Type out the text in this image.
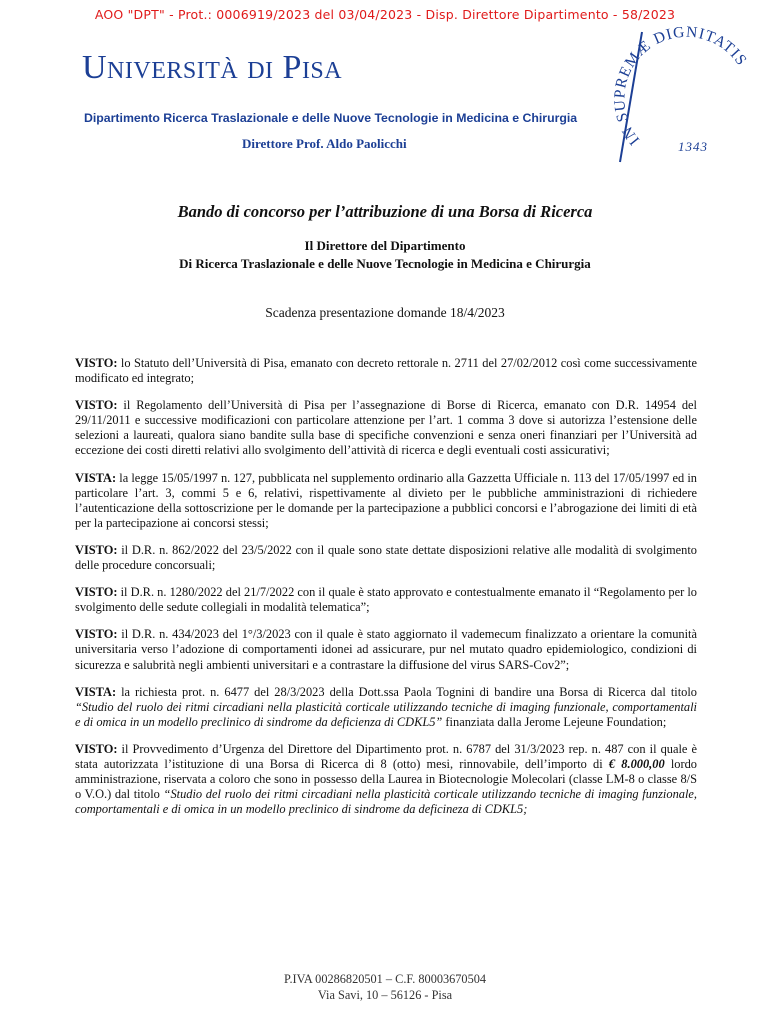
AOO "DPT" - Prot.: 0006919/2023 del 03/04/2023 - Disp. Direttore Dipartimento - 58/2023
Università di Pisa
Dipartimento Ricerca Traslazionale e delle Nuove Tecnologie in Medicina e Chirurgia
Direttore Prof. Aldo Paolicchi	IN SUPREMÆ DIGNITATIS
1343
Bando di concorso per l’attribuzione di una Borsa di Ricerca
Il Direttore del Dipartimento
Di Ricerca Traslazionale e delle Nuove Tecnologie in Medicina e Chirurgia
Scadenza presentazione domande 18/4/2023

VISTO: lo Statuto dell’Università di Pisa, emanato con decreto rettorale n. 2711 del 27/02/2012 così come successivamente modificato ed integrato;

VISTO: il Regolamento dell’Università di Pisa per l’assegnazione di Borse di Ricerca, emanato con D.R. 14954 del 29/11/2011 e successive modificazioni con particolare attenzione per l’art. 1 comma 3 dove si autorizza l’estensione delle selezioni a laureati, qualora siano bandite sulla base di specifiche convenzioni e senza oneri finanziari per l’Università ad eccezione dei costi diretti relativi allo svolgimento dell’attività di ricerca e degli eventuali costi assicurativi;

VISTA: la legge 15/05/1997 n. 127, pubblicata nel supplemento ordinario alla Gazzetta Ufficiale n. 113 del 17/05/1997 ed in particolare l’art. 3, commi 5 e 6, relativi, rispettivamente al divieto per le pubbliche amministrazioni di richiedere l’autenticazione della sottoscrizione per le domande per la partecipazione a pubblici concorsi e l’abrogazione dei limiti di età per la partecipazione ai concorsi stessi;

VISTO: il D.R. n. 862/2022 del 23/5/2022 con il quale sono state dettate disposizioni relative alle modalità di svolgimento delle procedure concorsuali;

VISTO: il D.R. n. 1280/2022 del 21/7/2022 con il quale è stato approvato e contestualmente emanato il “Regolamento per lo svolgimento delle sedute collegiali in modalità telematica”;

VISTO: il D.R. n. 434/2023 del 1°/3/2023 con il quale è stato aggiornato il vademecum finalizzato a orientare la comunità universitaria verso l’adozione di comportamenti idonei ad assicurare, pur nel mutato quadro epidemiologico, condizioni di sicurezza e salubrità negli ambienti universitari e a contrastare la diffusione del virus SARS-Cov2”;

VISTA: la richiesta prot. n. 6477 del 28/3/2023 della Dott.ssa Paola Tognini di bandire una Borsa di Ricerca dal titolo “Studio del ruolo dei ritmi circadiani nella plasticità corticale utilizzando tecniche di imaging funzionale, comportamentali e di omica in un modello preclinico di sindrome da deficienza di CDKL5” finanziata dalla Jerome Lejeune Foundation;

VISTO: il Provvedimento d’Urgenza del Direttore del Dipartimento prot. n. 6787 del 31/3/2023 rep. n. 487 con il quale è stata autorizzata l’istituzione di una Borsa di Ricerca di 8 (otto) mesi, rinnovabile, dell’importo di € 8.000,00 lordo amministrazione, riservata a coloro che sono in possesso della Laurea in Biotecnologie Molecolari (classe LM-8 o classe 8/S o V.O.) dal titolo “Studio del ruolo dei ritmi circadiani nella plasticità corticale utilizzando tecniche di imaging funzionale, comportamentali e di omica in un modello preclinico di sindrome da deficineza di CDKL5;

P.IVA 00286820501 – C.F. 80003670504
Via Savi, 10 – 56126 - Pisa
